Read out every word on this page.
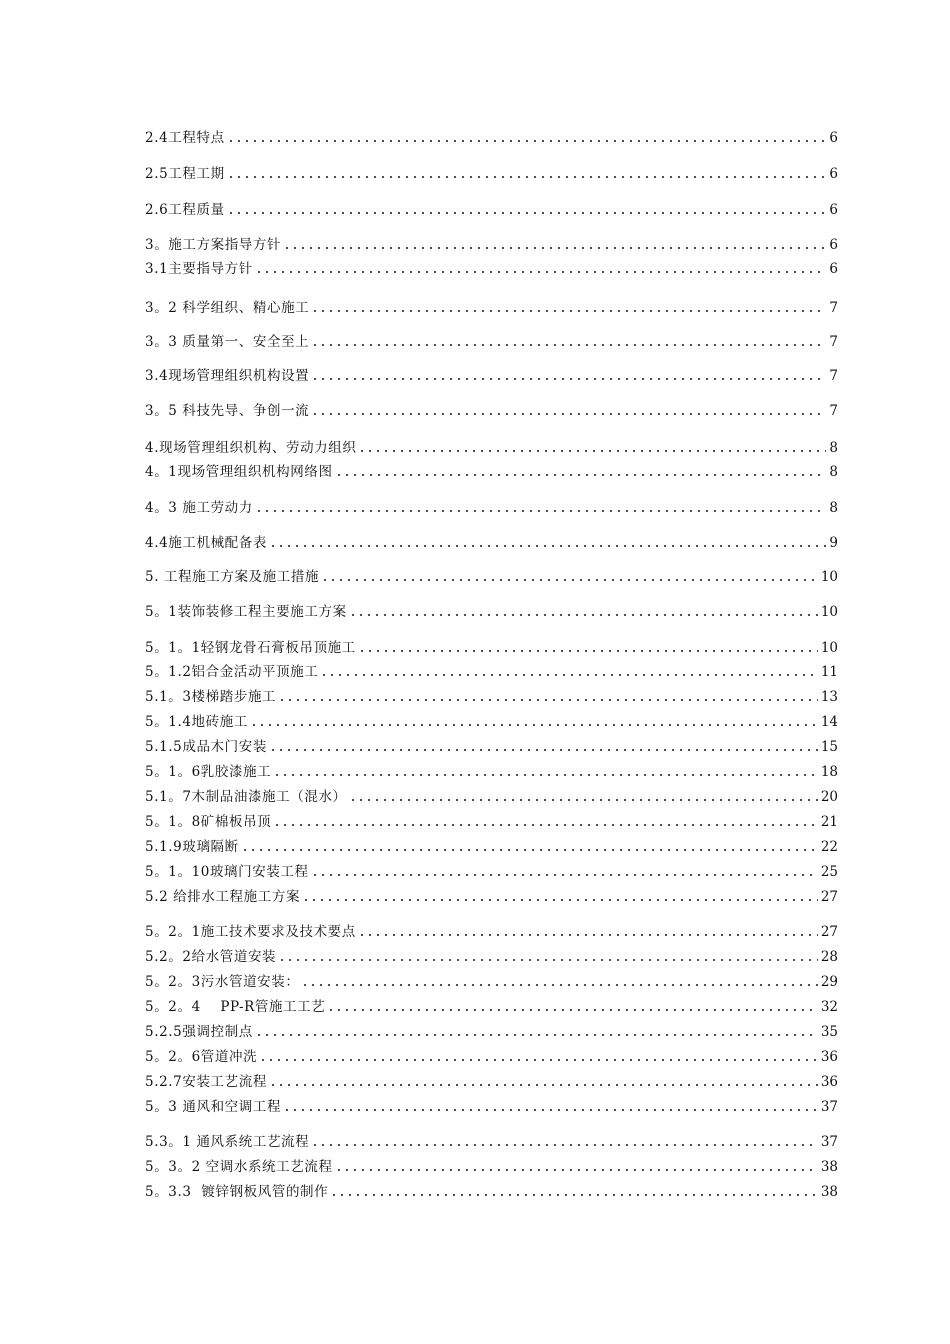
2.4工程特点	6
2.5工程工期	6
2.6工程质量	6
3。施工方案指导方针	6
3.1主要指导方针	6
3。2 科学组织、精心施工	7
3。3 质量第一、安全至上	7
3.4现场管理组织机构设置	7
3。5 科技先导、争创一流	7
4.现场管理组织机构、劳动力组织	8
4。1现场管理组织机构网络图	8
4。3 施工劳动力	8
4.4施工机械配备表	9
5. 工程施工方案及施工措施	10
5。1装饰装修工程主要施工方案	10
5。1。1轻钢龙骨石膏板吊顶施工	10
5。1.2铝合金活动平顶施工	11
5.1。3楼梯踏步施工	13
5。1.4地砖施工	14
5.1.5成品木门安装	15
5。1。6乳胶漆施工	18
5.1。7木制品油漆施工（混水）	20
5。1。8矿棉板吊顶	21
5.1.9玻璃隔断	22
5。1。10玻璃门安装工程	25
5.2 给排水工程施工方案	27
5。2。1施工技术要求及技术要点	27
5.2。2给水管道安装	28
5。2。3污水管道安装：	29
5。2。4    PP-R管施工工艺	32
5.2.5强调控制点	35
5。2。6管道冲洗	36
5.2.7安装工艺流程	36
5。3 通风和空调工程	37
5.3。1 通风系统工艺流程	37
5。3。2 空调水系统工艺流程	38
5。3.3  镀锌钢板风管的制作	38
